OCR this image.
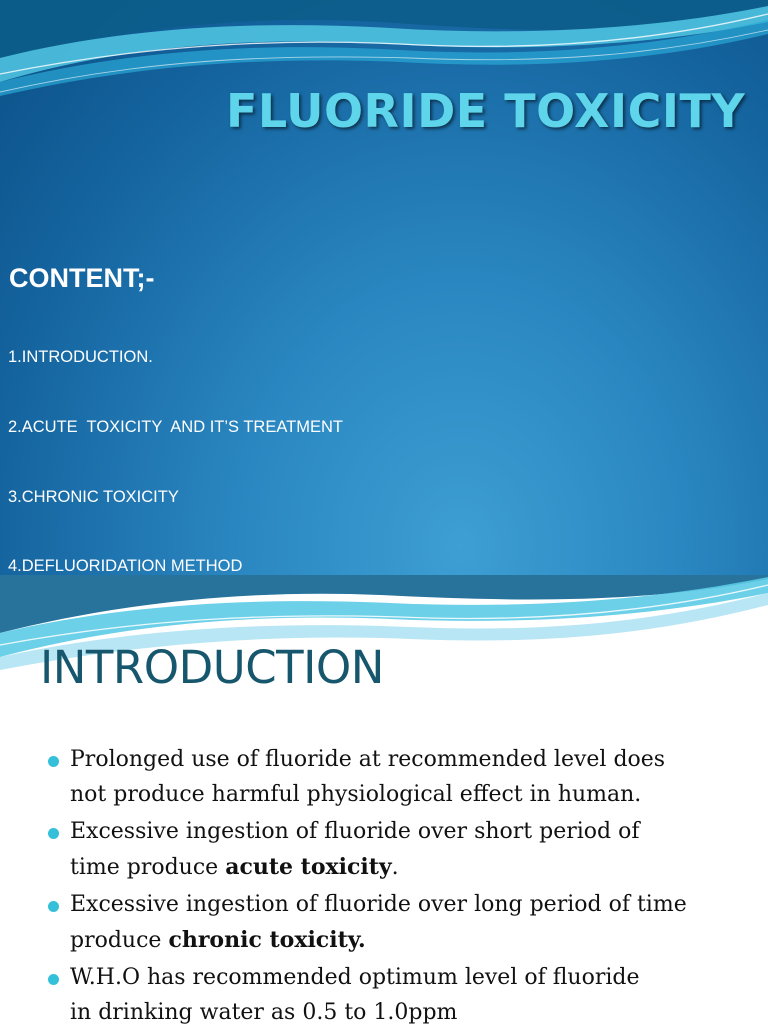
FLUORIDE TOXICITY
CONTENT;-

1.INTRODUCTION.

2.ACUTE  TOXICITY  AND IT’S TREATMENT

3.CHRONIC TOXICITY

4.DEFLUORIDATION METHOD

INTRODUCTION
Prolonged use of fluoride at recommended level does
not produce harmful physiological effect in human.
Excessive ingestion of fluoride over short period of
time produce acute toxicity.
Excessive ingestion of fluoride over long period of time
produce chronic toxicity.
W.H.O has recommended optimum level of fluoride
in drinking water as 0.5 to 1.0ppm
